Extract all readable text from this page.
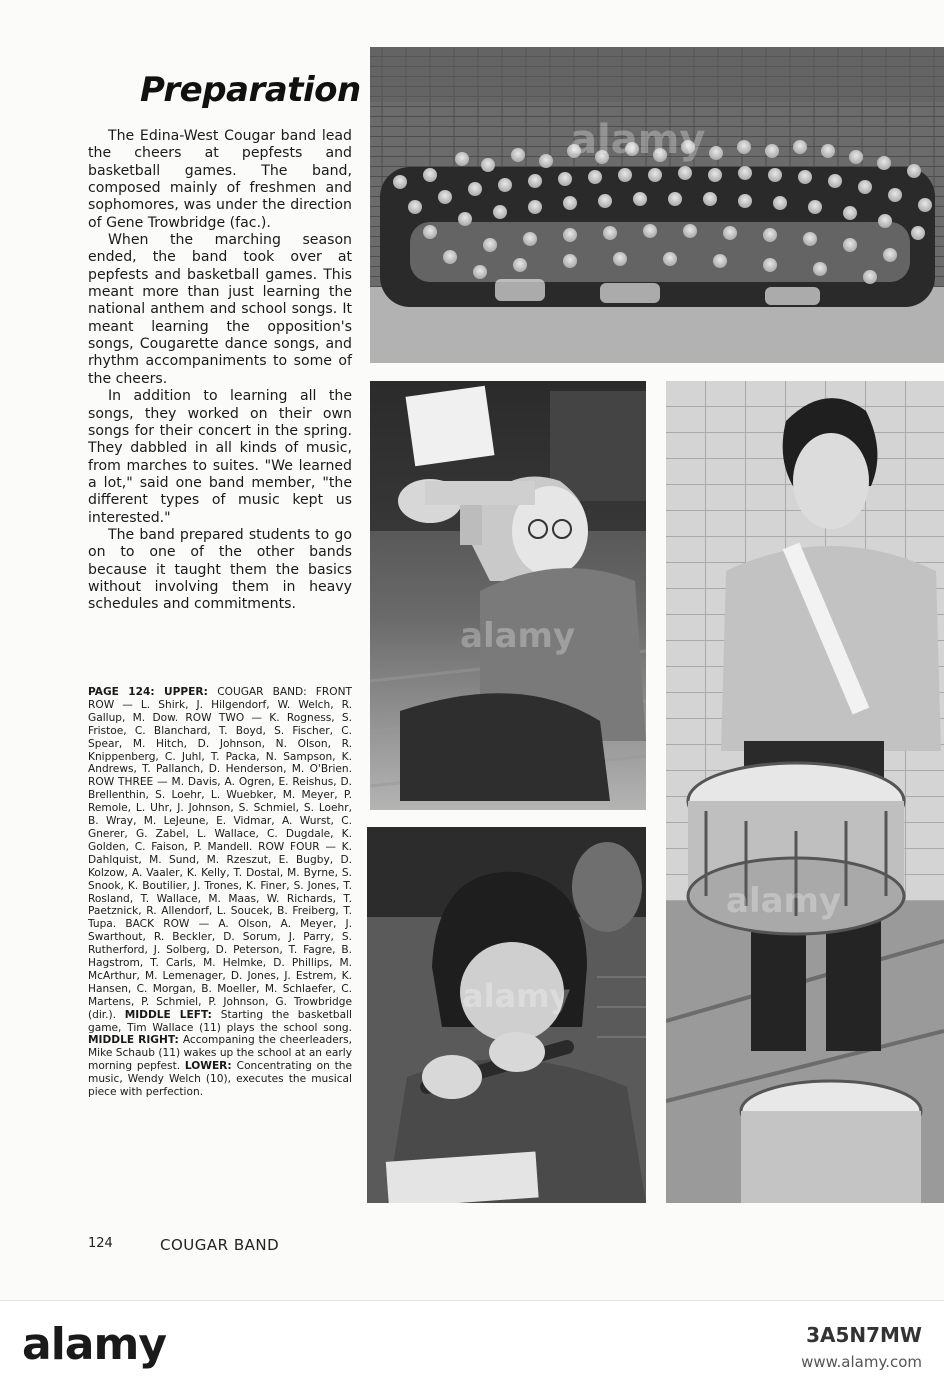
Preparation

The Edina-West Cougar band lead the cheers at pepfests and basketball games. The band, composed mainly of freshmen and sophomores, was under the direction of Gene Trowbridge (fac.).

When the marching season ended, the band took over at pepfests and basketball games. This meant more than just learning the national anthem and school songs. It meant learning the opposition's songs, Cougarette dance songs, and rhythm accompaniments to some of the cheers.

In addition to learning all the songs, they worked on their own songs for their concert in the spring. They dabbled in all kinds of music, from marches to suites. "We learned a lot," said one band member, "the different types of music kept us interested."

The band prepared students to go on to one of the other bands because it taught them the basics without involving them in heavy schedules and commitments.

PAGE 124: UPPER: COUGAR BAND: FRONT ROW — L. Shirk, J. Hilgendorf, W. Welch, R. Gallup, M. Dow. ROW TWO — K. Rogness, S. Fristoe, C. Blanchard, T. Boyd, S. Fischer, C. Spear, M. Hitch, D. Johnson, N. Olson, R. Knippenberg, C. Juhl, T. Packa, N. Sampson, K. Andrews, T. Pallanch, D. Henderson, M. O'Brien. ROW THREE — M. Davis, A. Ogren, E. Reishus, D. Brellenthin, S. Loehr, L. Wuebker, M. Meyer, P. Remole, L. Uhr, J. Johnson, S. Schmiel, S. Loehr, B. Wray, M. LeJeune, E. Vidmar, A. Wurst, C. Gnerer, G. Zabel, L. Wallace, C. Dugdale, K. Golden, C. Faison, P. Mandell. ROW FOUR — K. Dahlquist, M. Sund, M. Rzeszut, E. Bugby, D. Kolzow, A. Vaaler, K. Kelly, T. Dostal, M. Byrne, S. Snook, K. Boutilier, J. Trones, K. Finer, S. Jones, T. Rosland, T. Wallace, M. Maas, W. Richards, T. Paetznick, R. Allendorf, L. Soucek, B. Freiberg, T. Tupa. BACK ROW — A. Olson, A. Meyer, J. Swarthout, R. Beckler, D. Sorum, J. Parry, S. Rutherford, J. Solberg, D. Peterson, T. Fagre, B. Hagstrom, T. Carls, M. Helmke, D. Phillips, M. McArthur, M. Lemenager, D. Jones, J. Estrem, K. Hansen, C. Morgan, B. Moeller, M. Schlaefer, C. Martens, P. Schmiel, P. Johnson, G. Trowbridge (dir.). MIDDLE LEFT: Starting the basketball game, Tim Wallace (11) plays the school song. MIDDLE RIGHT: Accompaning the cheerleaders, Mike Schaub (11) wakes up the school at an early morning pepfest. LOWER: Concentrating on the music, Wendy Welch (10), executes the musical piece with perfection.
alamy
alamy
alamy
alamy
124	COUGAR BAND
alamy	3A5N7MW
www.alamy.com
